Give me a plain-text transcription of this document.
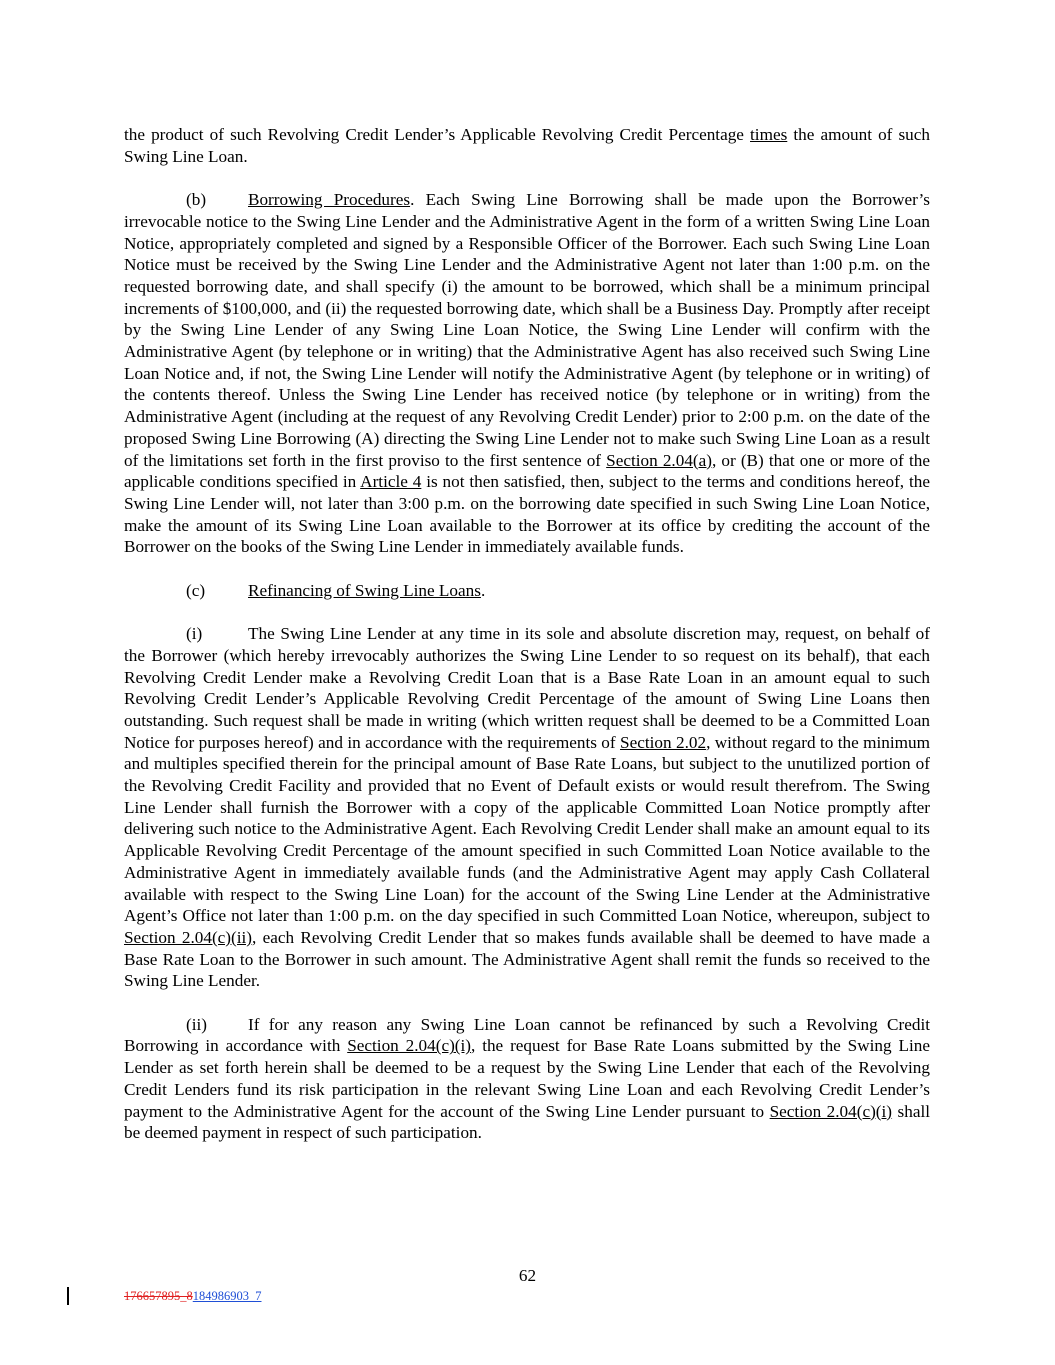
the product of such Revolving Credit Lender’s Applicable Revolving Credit Percentage times the amount of such Swing Line Loan.

(b) Borrowing Procedures. Each Swing Line Borrowing shall be made upon the Borrower’s irrevocable notice to the Swing Line Lender and the Administrative Agent in the form of a written Swing Line Loan Notice, appropriately completed and signed by a Responsible Officer of the Borrower. Each such Swing Line Loan Notice must be received by the Swing Line Lender and the Administrative Agent not later than 1:00 p.m. on the requested borrowing date, and shall specify (i) the amount to be borrowed, which shall be a minimum principal increments of $100,000, and (ii) the requested borrowing date, which shall be a Business Day. Promptly after receipt by the Swing Line Lender of any Swing Line Loan Notice, the Swing Line Lender will confirm with the Administrative Agent (by telephone or in writing) that the Administrative Agent has also received such Swing Line Loan Notice and, if not, the Swing Line Lender will notify the Administrative Agent (by telephone or in writing) of the contents thereof. Unless the Swing Line Lender has received notice (by telephone or in writing) from the Administrative Agent (including at the request of any Revolving Credit Lender) prior to 2:00 p.m. on the date of the proposed Swing Line Borrowing (A) directing the Swing Line Lender not to make such Swing Line Loan as a result of the limitations set forth in the first proviso to the first sentence of Section 2.04(a), or (B) that one or more of the applicable conditions specified in Article 4 is not then satisfied, then, subject to the terms and conditions hereof, the Swing Line Lender will, not later than 3:00 p.m. on the borrowing date specified in such Swing Line Loan Notice, make the amount of its Swing Line Loan available to the Borrower at its office by crediting the account of the Borrower on the books of the Swing Line Lender in immediately available funds.

(c) Refinancing of Swing Line Loans.

(i)	The Swing Line Lender at any time in its sole and absolute discretion may, request, on behalf of the Borrower (which hereby irrevocably authorizes the Swing Line Lender to so request on its behalf), that each Revolving Credit Lender make a Revolving Credit Loan that is a Base Rate Loan in an amount equal to such Revolving Credit Lender’s Applicable Revolving Credit Percentage of the amount of Swing Line Loans then outstanding. Such request shall be made in writing (which written request shall be deemed to be a Committed Loan Notice for purposes hereof) and in accordance with the requirements of Section 2.02, without regard to the minimum and multiples specified therein for the principal amount of Base Rate Loans, but subject to the unutilized portion of the Revolving Credit Facility and provided that no Event of Default exists or would result therefrom. The Swing Line Lender shall furnish the Borrower with a copy of the applicable Committed Loan Notice promptly after delivering such notice to the Administrative Agent. Each Revolving Credit Lender shall make an amount equal to its Applicable Revolving Credit Percentage of the amount specified in such Committed Loan Notice available to the Administrative Agent in immediately available funds (and the Administrative Agent may apply Cash Collateral available with respect to the Swing Line Loan) for the account of the Swing Line Lender at the Administrative Agent’s Office not later than 1:00 p.m. on the day specified in such Committed Loan Notice, whereupon, subject to Section 2.04(c)(ii), each Revolving Credit Lender that so makes funds available shall be deemed to have made a Base Rate Loan to the Borrower in such amount. The Administrative Agent shall remit the funds so received to the Swing Line Lender.

(ii) If for any reason any Swing Line Loan cannot be refinanced by such a Revolving Credit Borrowing in accordance with Section 2.04(c)(i), the request for Base Rate Loans submitted by the Swing Line Lender as set forth herein shall be deemed to be a request by the Swing Line Lender that each of the Revolving Credit Lenders fund its risk participation in the relevant Swing Line Loan and each Revolving Credit Lender’s payment to the Administrative Agent for the account of the Swing Line Lender pursuant to Section 2.04(c)(i) shall be deemed payment in respect of such participation.

62
176657895_8184986903_7
